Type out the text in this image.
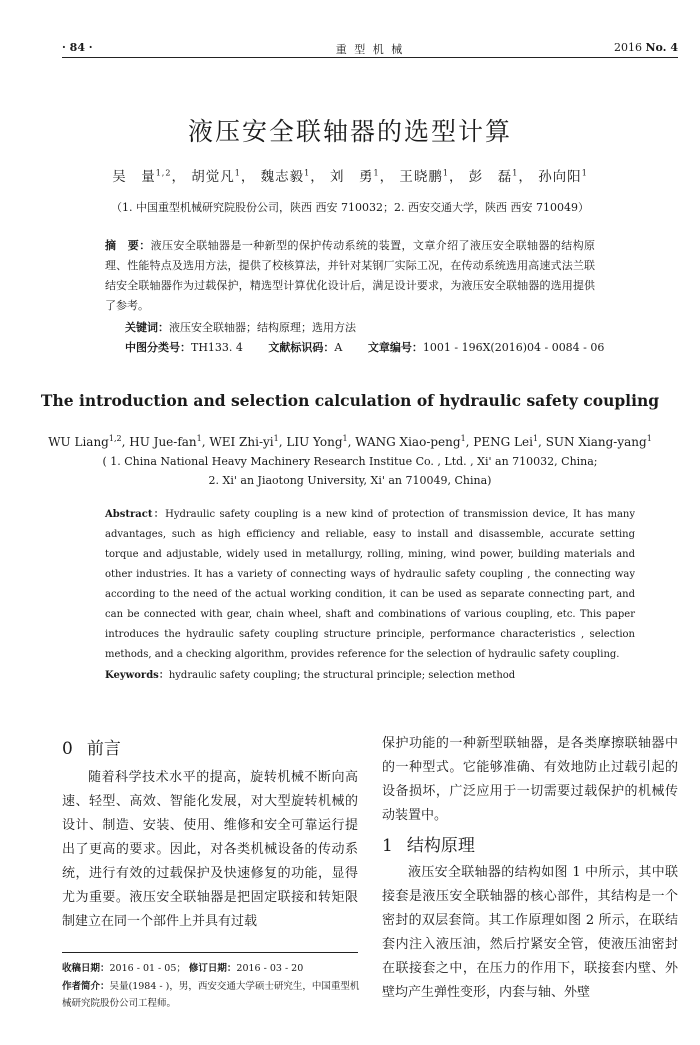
· 84 ·	重 型 机 械	2016 No. 4
液压安全联轴器的选型计算
吴　量$^{1,2}$， 胡觉凡$^1$， 魏志毅$^1$， 刘　勇$^1$， 王晓鹏$^1$， 彭　磊$^1$， 孙向阳$^1$
（1. 中国重型机械研究院股份公司，陕西 西安 710032；2. 西安交通大学，陕西 西安 710049）
摘　要：液压安全联轴器是一种新型的保护传动系统的装置，文章介绍了液压安全联轴器的结构原理、性能特点及选用方法，提供了校核算法，并针对某钢厂实际工况，在传动系统选用高速式法兰联结安全联轴器作为过载保护，精选型计算优化设计后，满足设计要求，为液压安全联轴器的选用提供了参考。
关键词：液压安全联轴器；结构原理；选用方法
中图分类号：TH133. 4 文献标识码：A 文章编号：1001 - 196X(2016)04 - 0084 - 06
The introduction and selection calculation of hydraulic safety coupling
WU Liang$^{1,2}$, HU Jue-fan$^1$, WEI Zhi-$yi^1$, LIU Yong$^1$, WANG Xiao-peng$^1$, PENG Lei$^1$, SUN Xiang-yang$^1$
( 1. China National Heavy Machinery Research Institue Co. , Ltd. , Xi' an 710032, China;
2. Xi' an Jiaotong University, Xi' an 710049, China)
Abstract：Hydraulic safety coupling is a new kind of protection of transmission device, It has many advantages, such as high efficiency and reliable, easy to install and disassemble, accurate setting torque and adjustable, widely used in metallurgy, rolling, mining, wind power, building materials and other industries. It has a variety of connecting ways of hydraulic safety coupling , the connecting way according to the need of the actual working condition, it can be used as separate connecting part, and can be connected with gear, chain wheel, shaft and combinations of various coupling, etc. This paper introduces the hydraulic safety coupling structure principle, performance characteristics , selection methods, and a checking algorithm, provides reference for the selection of hydraulic safety coupling.
Keywords：hydraulic safety coupling; the structural principle; selection method
0 前言
随着科学技术水平的提高，旋转机械不断向高速、轻型、高效、智能化发展，对大型旋转机械的设计、制造、安装、使用、维修和安全可靠运行提出了更高的要求。因此，对各类机械设备的传动系统，进行有效的过载保护及快速修复的功能，显得尤为重要。液压安全联轴器是把固定联接和转矩限制建立在同一个部件上并具有过载
保护功能的一种新型联轴器，是各类摩擦联轴器中的一种型式。它能够准确、有效地防止过载引起的设备损坏，广泛应用于一切需要过载保护的机械传动装置中。
1 结构原理
液压安全联轴器的结构如图 1 中所示，其中联接套是液压安全联轴器的核心部件，其结构是一个密封的双层套筒。其工作原理如图 2 所示，在联结套内注入液压油，然后拧紧安全管，使液压油密封在联接套之中，在压力的作用下，联接套内壁、外壁均产生弹性变形，内套与轴、外壁
收稿日期：2016 - 01 - 05； 修订日期：2016 - 03 - 20
作者简介：吴量(1984 - )，男，西安交通大学硕士研究生，中国重型机械研究院股份公司工程师。
